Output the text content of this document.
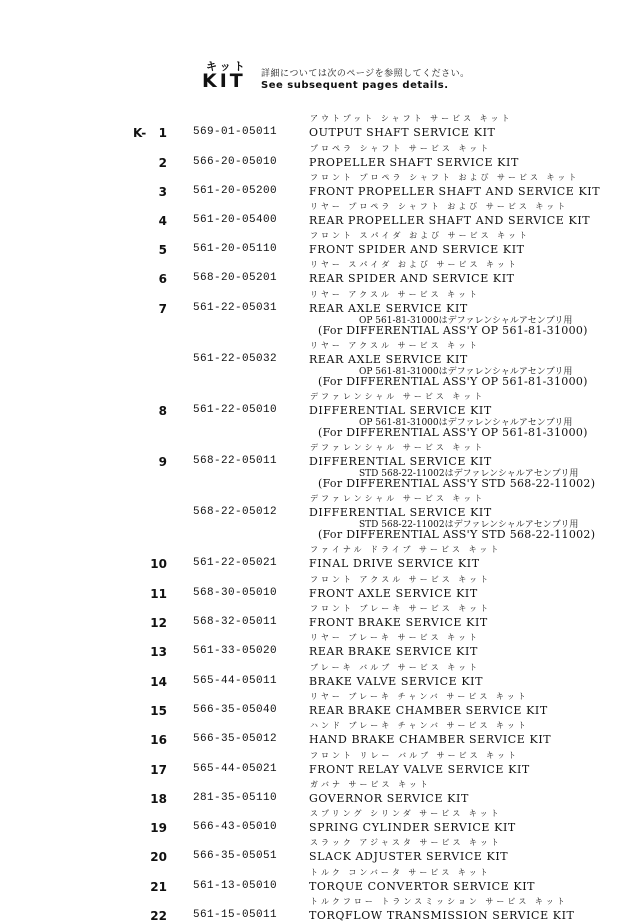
キット
KIT 詳細については次のページを参照してください。
See subsequent pages details.
K- 1 569-01-05011
アウトプット シャフト サービス キット
OUTPUT SHAFT SERVICE KIT
2 566-20-05010
プロペラ シャフト サービス キット
PROPELLER SHAFT SERVICE KIT
3 561-20-05200
フロント プロペラ シャフト および サービス キット
FRONT PROPELLER SHAFT AND SERVICE KIT
4 561-20-05400
リヤー プロペラ シャフト および サービス キット
REAR PROPELLER SHAFT AND SERVICE KIT
5 561-20-05110
フロント スパイダ および サービス キット
FRONT SPIDER AND SERVICE KIT
6 568-20-05201
リヤー スパイダ および サービス キット
REAR SPIDER AND SERVICE KIT
7 561-22-05031
リヤー アクスル サービス キット
REAR AXLE SERVICE KIT
OP 561-81-31000はデファレンシャルアセンブリ用
(For DIFFERENTIAL ASS'Y OP 561-81-31000)
561-22-05032
リヤー アクスル サービス キット
REAR AXLE SERVICE KIT
OP 561-81-31000はデファレンシャルアセンブリ用
(For DIFFERENTIAL ASS'Y OP 561-81-31000)
8 561-22-05010
デファレンシャル サービス キット
DIFFERENTIAL SERVICE KIT
OP 561-81-31000はデファレンシャルアセンブリ用
(For DIFFERENTIAL ASS'Y OP 561-81-31000)
9 568-22-05011
デファレンシャル サービス キット
DIFFERENTIAL SERVICE KIT
STD 568-22-11002はデファレンシャルアセンブリ用
(For DIFFERENTIAL ASS'Y STD 568-22-11002)
568-22-05012
デファレンシャル サービス キット
DIFFERENTIAL SERVICE KIT
STD 568-22-11002はデファレンシャルアセンブリ用
(For DIFFERENTIAL ASS'Y STD 568-22-11002)
10 561-22-05021
ファイナル ドライブ サービス キット
FINAL DRIVE SERVICE KIT
11 568-30-05010
フロント アクスル サービス キット
FRONT AXLE SERVICE KIT
12 568-32-05011
フロント ブレーキ サービス キット
FRONT BRAKE SERVICE KIT
13 561-33-05020
リヤー ブレーキ サービス キット
REAR BRAKE SERVICE KIT
14 565-44-05011
ブレーキ バルブ サービス キット
BRAKE VALVE SERVICE KIT
15 566-35-05040
リヤー ブレーキ チャンバ サービス キット
REAR BRAKE CHAMBER SERVICE KIT
16 566-35-05012
ハンド ブレーキ チャンバ サービス キット
HAND BRAKE CHAMBER SERVICE KIT
17 565-44-05021
フロント リレー バルブ サービス キット
FRONT RELAY VALVE SERVICE KIT
18 281-35-05110
ガバナ サービス キット
GOVERNOR SERVICE KIT
19 566-43-05010
スプリング シリンダ サービス キット
SPRING CYLINDER SERVICE KIT
20 566-35-05051
スラック アジャスタ サービス キット
SLACK ADJUSTER SERVICE KIT
21 561-13-05010
トルク コンバータ サービス キット
TORQUE CONVERTOR SERVICE KIT
22 561-15-05011
トルクフロー トランスミッション サービス キット
TORQFLOW TRANSMISSION SERVICE KIT
